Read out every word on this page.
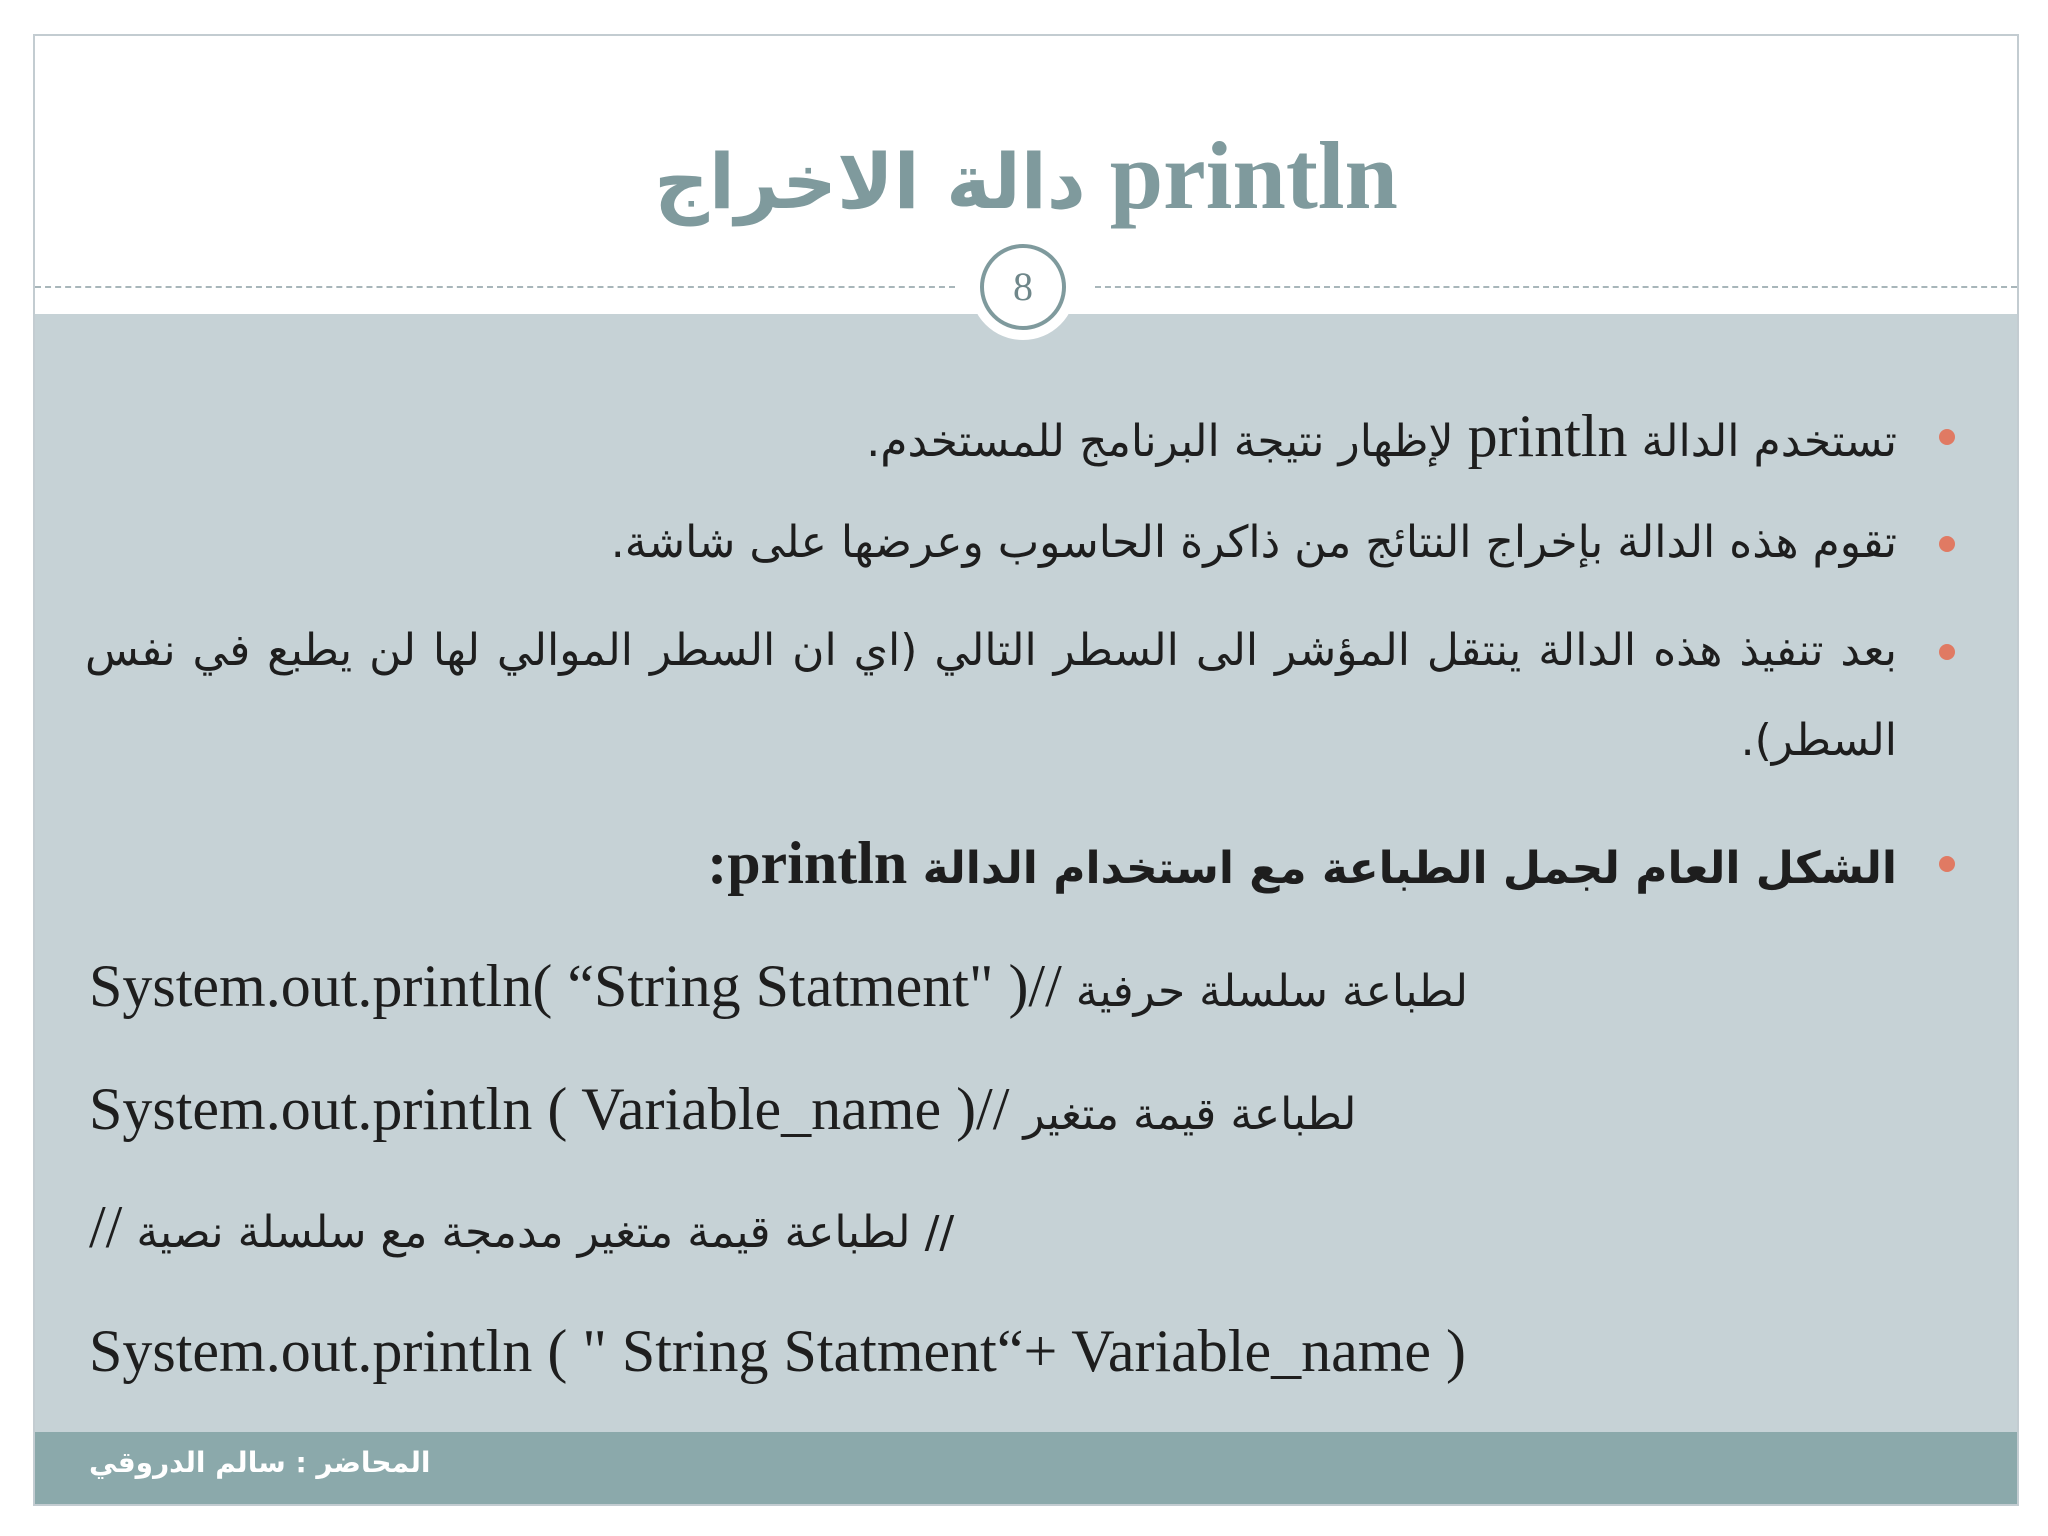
دالة الاخراج println
8
تستخدم الدالة println لإظهار نتيجة البرنامج للمستخدم.
تقوم هذه الدالة بإخراج النتائج من ذاكرة الحاسوب وعرضها على شاشة.
بعد تنفيذ هذه الدالة ينتقل المؤشر الى السطر التالي (اي ان السطر الموالي لها لن يطبع في نفس السطر).
الشكل العام لجمل الطباعة مع استخدام الدالة println:
System.out.println( “String Statment" )// لطباعة سلسلة حرفية
System.out.println ( Variable_name )// لطباعة قيمة متغير
// لطباعة قيمة متغير مدمجة مع سلسلة نصية //
System.out.println ( " String Statment“+ Variable_name )
المحاضر : سالم الدروقي
